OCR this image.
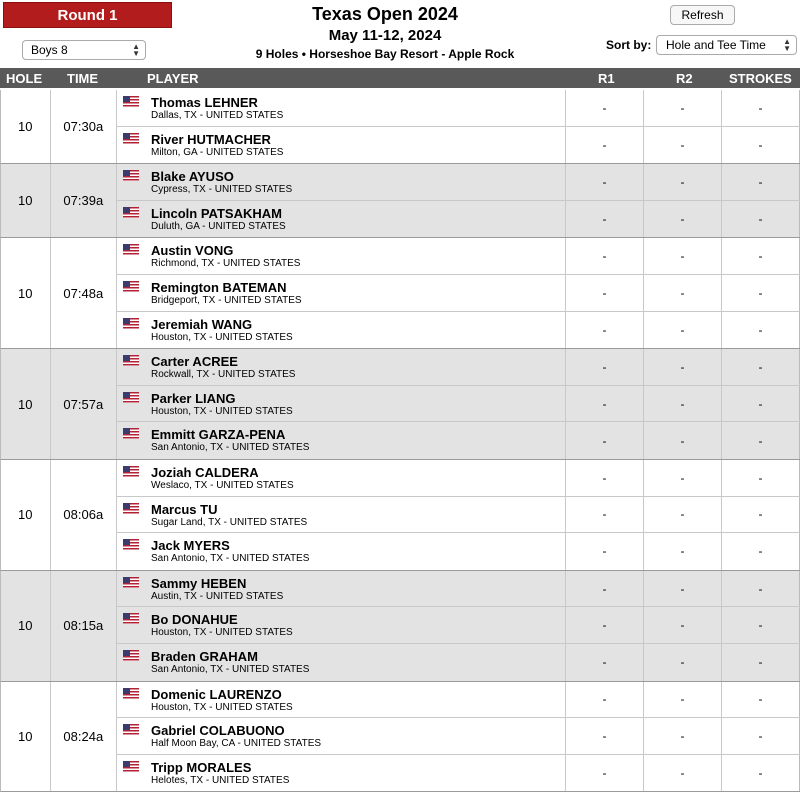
Round 1
Boys 8	▲
▼
Texas Open 2024
May 11-12, 2024
9 Holes • Horseshoe Bay Resort - Apple Rock
Refresh
Sort by: Hole and Tee Time ▲
▼
HOLE TIME	PLAYER	R1	R2	STROKES
10	07:30a
Thomas LEHNER
Dallas, TX - UNITED STATES
-	-	-
River HUTMACHER
Milton, GA - UNITED STATES
-	-	-
10	07:39a
Blake AYUSO
Cypress, TX - UNITED STATES
-	-	-
Lincoln PATSAKHAM
Duluth, GA - UNITED STATES
-	-	-
10	07:48a
Austin VONG
Richmond, TX - UNITED STATES
-	-	-
Remington BATEMAN
Bridgeport, TX - UNITED STATES
-	-	-
Jeremiah WANG
Houston, TX - UNITED STATES
-	-	-
10	07:57a
Carter ACREE
Rockwall, TX - UNITED STATES
-	-	-
Parker LIANG
Houston, TX - UNITED STATES
-	-	-
Emmitt GARZA-PENA
San Antonio, TX - UNITED STATES
-	-	-
10	08:06a
Joziah CALDERA
Weslaco, TX - UNITED STATES
-	-	-
Marcus TU
Sugar Land, TX - UNITED STATES
-	-	-
Jack MYERS
San Antonio, TX - UNITED STATES
-	-	-
10	08:15a
Sammy HEBEN
Austin, TX - UNITED STATES
-	-	-
Bo DONAHUE
Houston, TX - UNITED STATES
-	-	-
Braden GRAHAM
San Antonio, TX - UNITED STATES
-	-	-
10	08:24a
Domenic LAURENZO
Houston, TX - UNITED STATES
-	-	-
Gabriel COLABUONO
Half Moon Bay, CA - UNITED STATES
-	-	-
Tripp MORALES
Helotes, TX - UNITED STATES
-	-	-
